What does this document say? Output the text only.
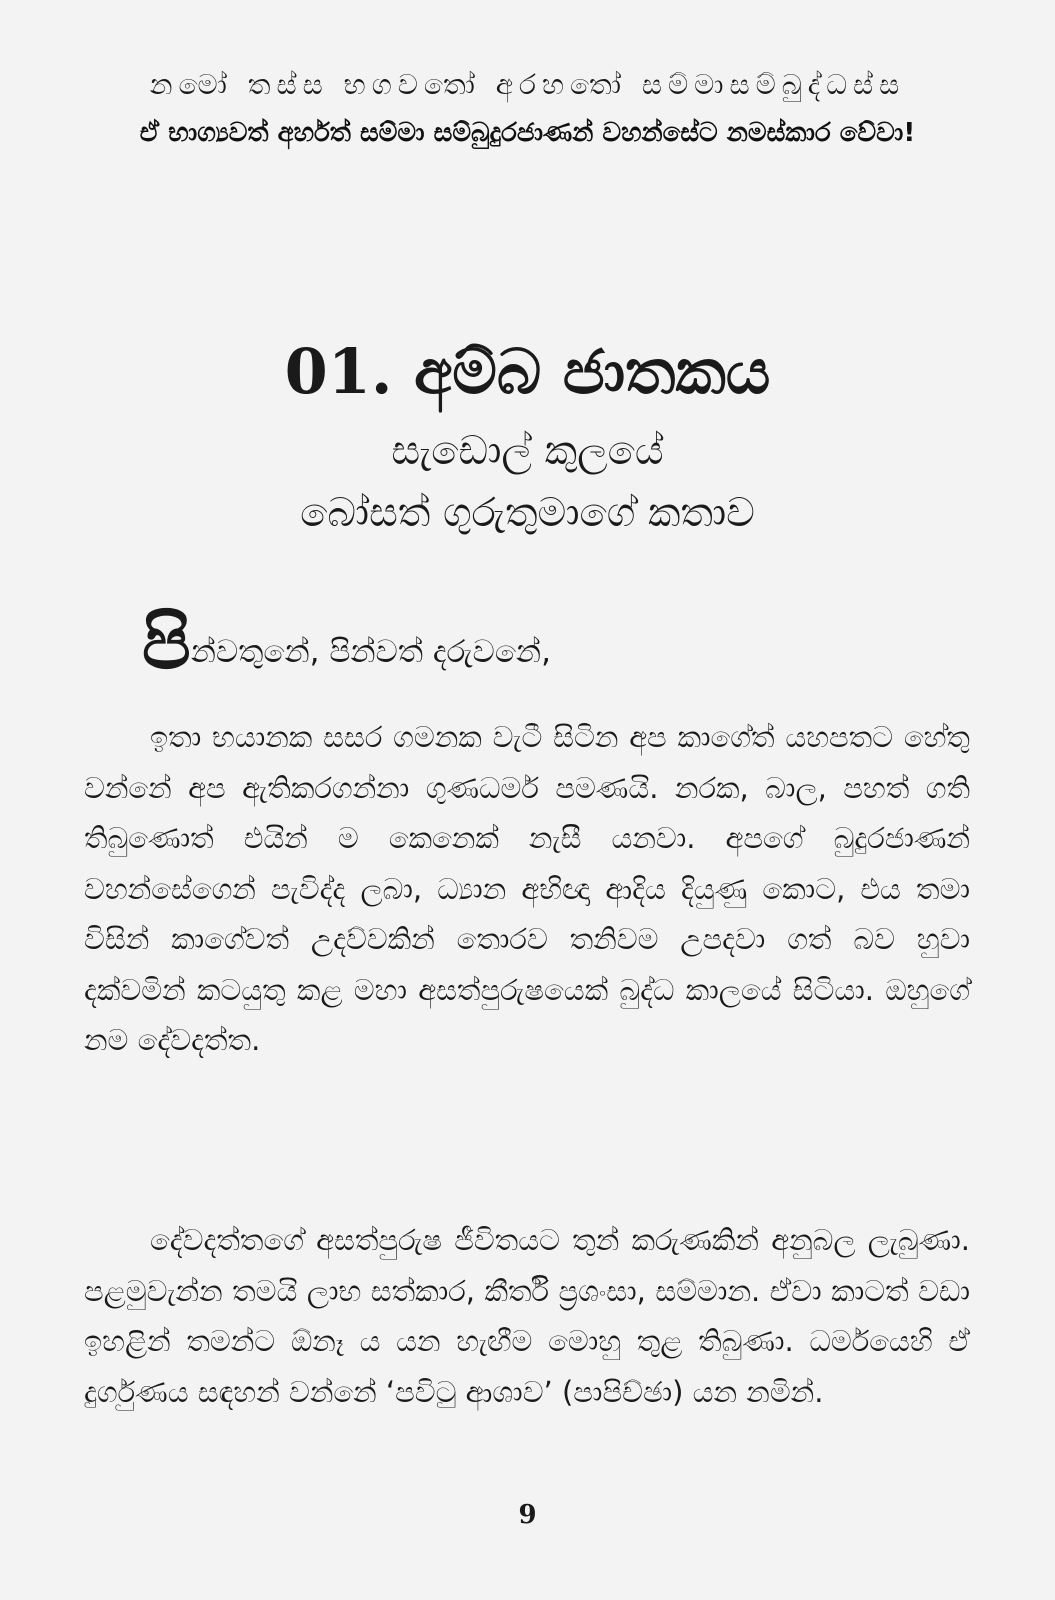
නමෝ තස්ස භගවතෝ අරහතෝ සම්මාසම්බුද්ධස්ස
ඒ භාග්‍යවත් අර්හත් සම්මා සම්බුදුරජාණන් වහන්සේට නමස්කාර වේවා!
01. අම්බ ජාතකය
සැඩොල් කුලයේ
බෝසත් ගුරුතුමාගේ කතාව
පින්වතුනේ, පින්වත් දරුවනේ,
ඉතා භයානක සසර ගමනක වැටී සිටින අප කාගේත් යහපතට හේතු වන්නේ අප ඇතිකරගන්නා ගුණධර්ම පමණයි. නරක, බාල, පහත් ගති තිබුණොත් එයින් ම කෙනෙක් නැසී යනවා. අපගේ බුදුරජාණන් වහන්සේගෙන් පැවිද්ද ලබා, ධ්‍යාන අභිඥා ආදිය දියුණු කොට, එය තමා විසින් කාගේවත් උදව්වකින් තොරව තනිවම උපදවා ගත් බව හුවා දක්වමින් කටයුතු කළ මහා අසත්පුරුෂයෙක් බුද්ධ කාලයේ සිටියා. ඔහුගේ නම දේවදත්ත.
දේවදත්තගේ අසත්පුරුෂ ජීවිතයට තුන් කරුණකින් අනුබල ලැබුණා. පළමුවැන්න තමයි ලාභ සත්කාර, කීර්ති ප්‍රශංසා, සම්මාන. ඒවා කාටත් වඩා ඉහළින් තමන්ට ඕනෑ ය යන හැඟීම මොහු තුළ තිබුණා. ධර්මයෙහි ඒ දුර්ගුණය සඳහන් වන්නේ ‘පවිටු ආශාව’ (පාපිච්ඡා) යන නමින්.
9
